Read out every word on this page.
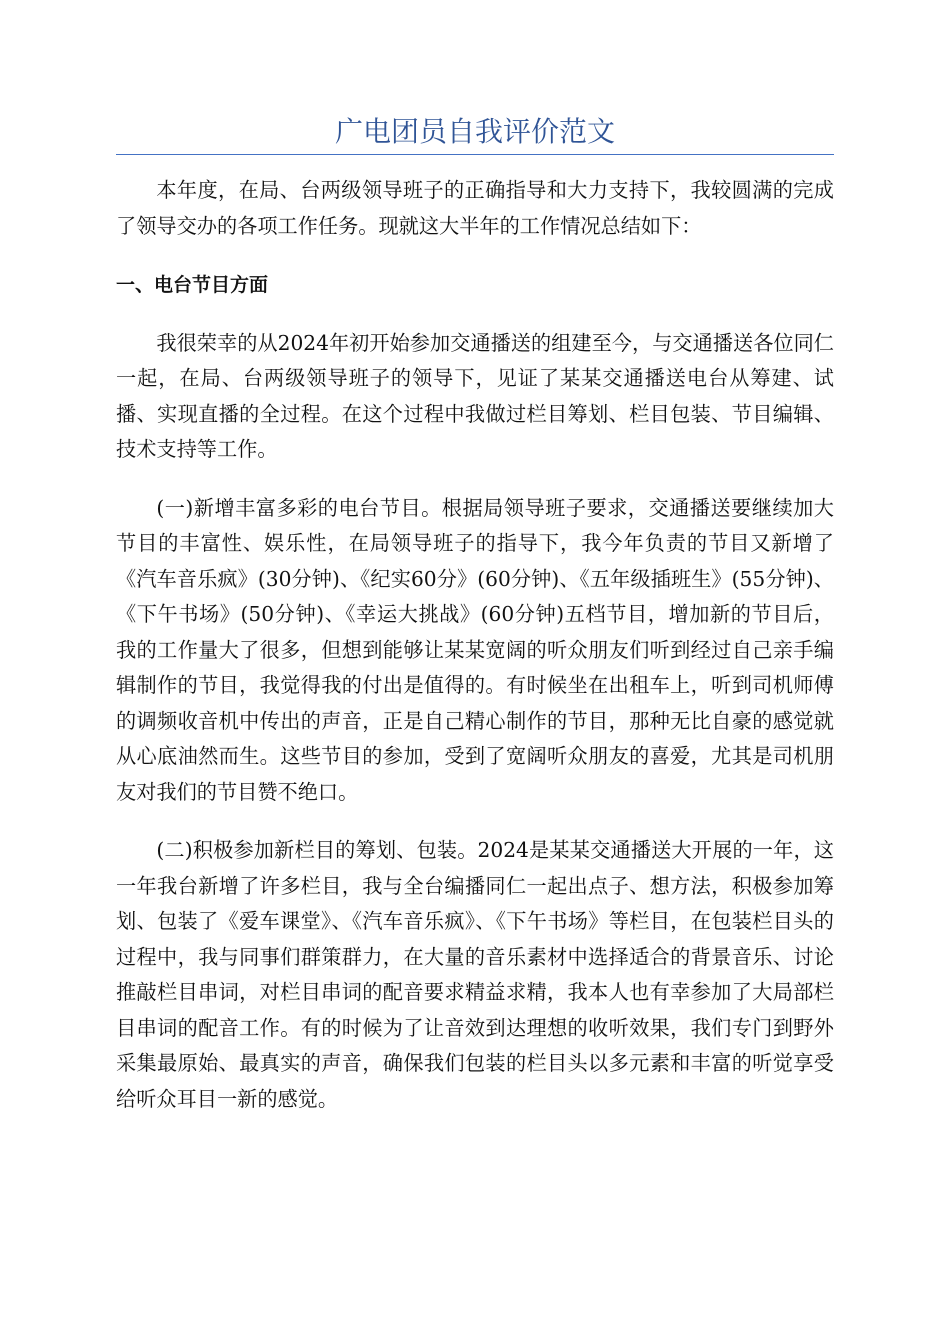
广电团员自我评价范文

本年度，在局、台两级领导班子的正确指导和大力支持下，我较圆满的完成了领导交办的各项工作任务。现就这大半年的工作情况总结如下：

一、电台节目方面

我很荣幸的从2024年初开始参加交通播送的组建至今，与交通播送各位同仁一起，在局、台两级领导班子的领导下，见证了某某交通播送电台从筹建、试播、实现直播的全过程。在这个过程中我做过栏目筹划、栏目包装、节目编辑、技术支持等工作。

(一)新增丰富多彩的电台节目。根据局领导班子要求，交通播送要继续加大节目的丰富性、娱乐性，在局领导班子的指导下，我今年负责的节目又新增了《汽车音乐疯》(30分钟)、《纪实60分》(60分钟)、《五年级插班生》(55分钟)、《下午书场》(50分钟)、《幸运大挑战》(60分钟)五档节目，增加新的节目后，我的工作量大了很多，但想到能够让某某宽阔的听众朋友们听到经过自己亲手编辑制作的节目，我觉得我的付出是值得的。有时候坐在出租车上，听到司机师傅的调频收音机中传出的声音，正是自己精心制作的节目，那种无比自豪的感觉就从心底油然而生。这些节目的参加，受到了宽阔听众朋友的喜爱，尤其是司机朋友对我们的节目赞不绝口。

(二)积极参加新栏目的筹划、包装。2024是某某交通播送大开展的一年，这一年我台新增了许多栏目，我与全台编播同仁一起出点子、想方法，积极参加筹划、包装了《爱车课堂》、《汽车音乐疯》、《下午书场》等栏目，在包装栏目头的过程中，我与同事们群策群力，在大量的音乐素材中选择适合的背景音乐、讨论推敲栏目串词，对栏目串词的配音要求精益求精，我本人也有幸参加了大局部栏目串词的配音工作。有的时候为了让音效到达理想的收听效果，我们专门到野外采集最原始、最真实的声音，确保我们包装的栏目头以多元素和丰富的听觉享受给听众耳目一新的感觉。
